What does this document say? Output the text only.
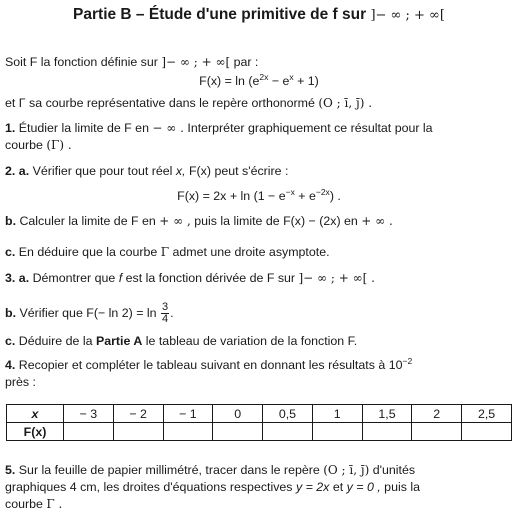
Partie B – Étude d'une primitive de f sur ]− ∞ ; + ∞[
Soit F la fonction définie sur ]− ∞ ; + ∞[ par :
$F(x) = \ln (e^{2x} - e^x + 1)$
et Γ sa courbe représentative dans le repère orthonormé (O ; ī, j̄) .
1. Étudier la limite de F en − ∞ . Interpréter graphiquement ce résultat pour la
courbe (Γ) .
2. a. Vérifier que pour tout réel x, F(x) peut s'écrire :
$F(x) = 2x + \ln (1 - e^{-x} + e^{-2x})$ .
b. Calculer la limite de F en + ∞ , puis la limite de F(x) − (2x) en + ∞ .
c. En déduire que la courbe Γ admet une droite asymptote.
3. a. Démontrer que f est la fonction dérivée de F sur ]− ∞ ; + ∞[ .
b. Vérifier que $F(- \ln 2) = \ln \frac{3}{4}$ .
c. Déduire de la Partie A le tableau de variation de la fonction F.
4. Recopier et compléter le tableau suivant en donnant les résultats à $10^{-2}$
près :
x	− 3	− 2	− 1	0	0,5	1	1,5	2	2,5
F(x)									
5. Sur la feuille de papier millimétré, tracer dans le repère (O ; ī, j̄) d'unités
graphiques 4 cm, les droites d'équations respectives y = 2x et y = 0 , puis la
courbe Γ .
